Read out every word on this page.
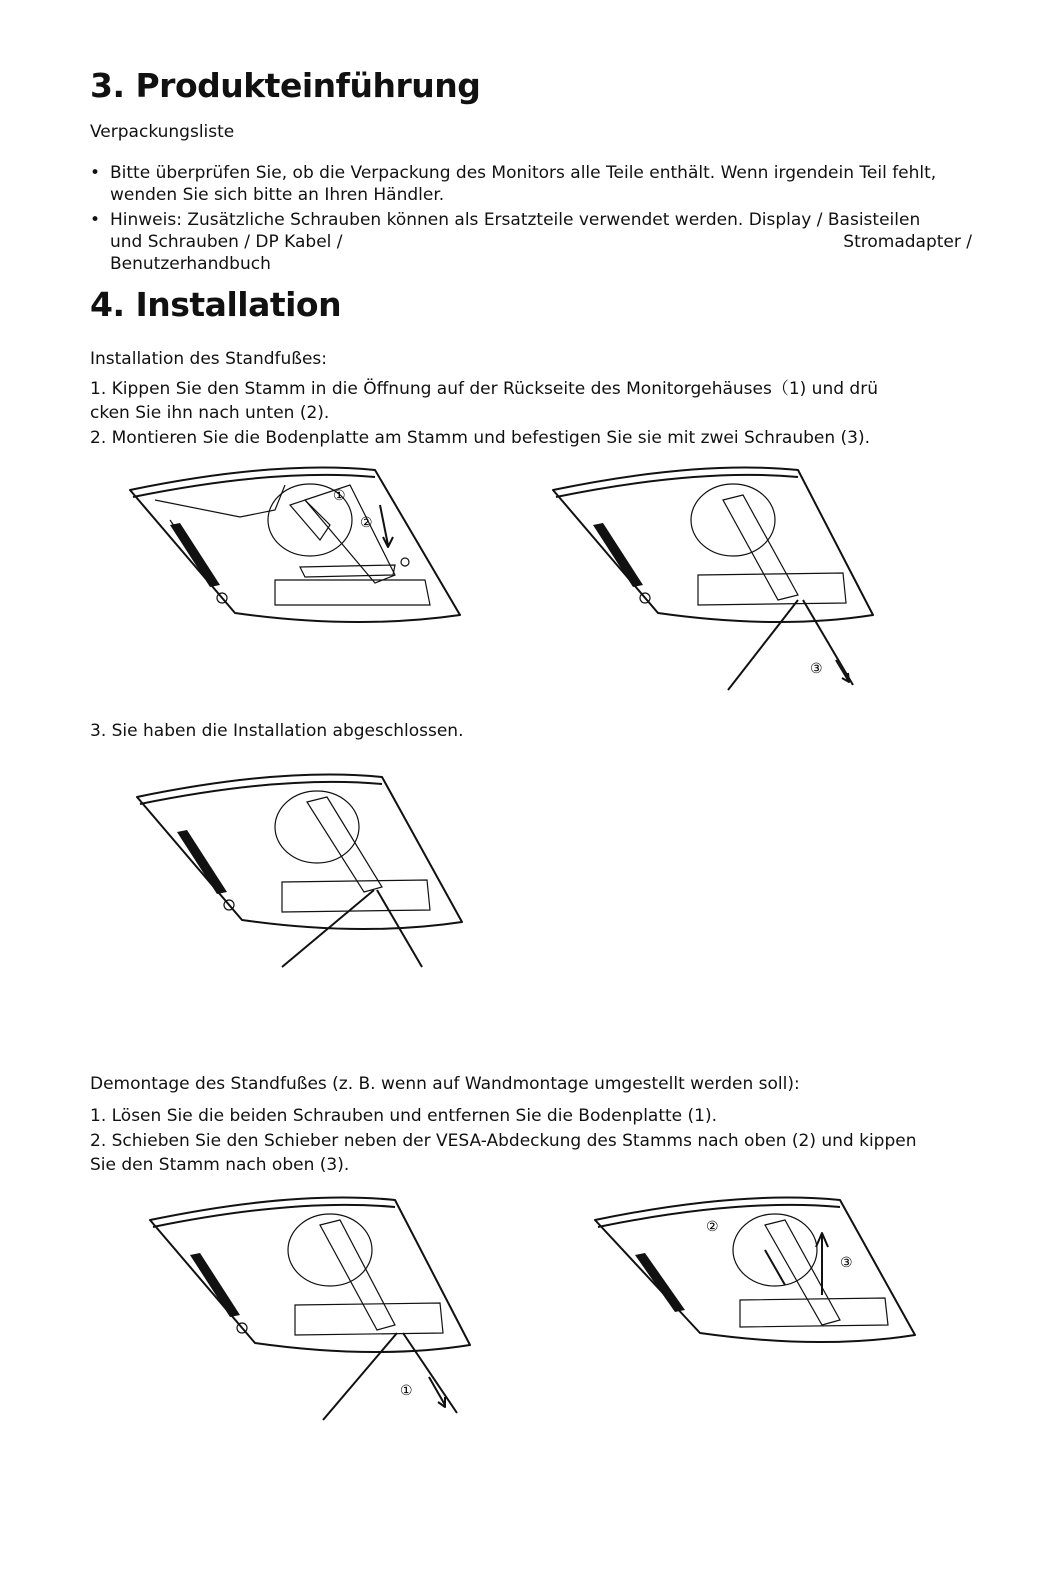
3. Produkteinführung
Verpackungsliste
• Bitte überprüfen Sie, ob die Verpackung des Monitors alle Teile enthält. Wenn irgendein Teil fehlt,
wenden Sie sich bitte an Ihren Händler.
• Hinweis: Zusätzliche Schrauben können als Ersatzteile verwendet werden. Display / Basisteilen
und Schrauben / DP Kabel /	Stromadapter /
Benutzerhandbuch
4. Installation
Installation des Standfußes:
1. Kippen Sie den Stamm in die Öffnung auf der Rückseite des Monitorgehäuses（1) und drü
cken Sie ihn nach unten (2).
2. Montieren Sie die Bodenplatte am Stamm und befestigen Sie sie mit zwei Schrauben (3).
①
②
③
3. Sie haben die Installation abgeschlossen.
Demontage des Standfußes (z. B. wenn auf Wandmontage umgestellt werden soll):
1. Lösen Sie die beiden Schrauben und entfernen Sie die Bodenplatte (1).
2. Schieben Sie den Schieber neben der VESA-Abdeckung des Stamms nach oben (2) und kippen
Sie den Stamm nach oben (3).
①
②
③
